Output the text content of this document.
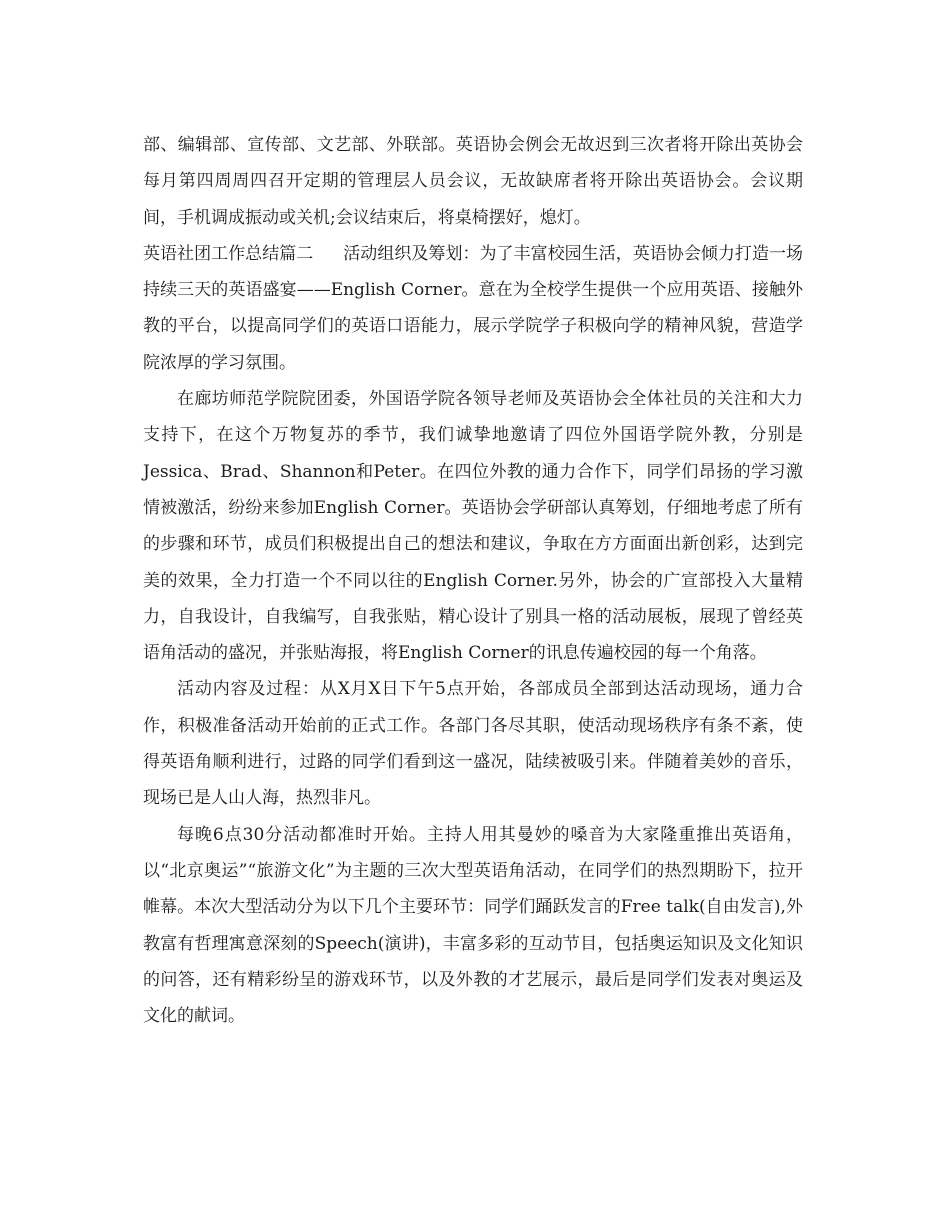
部、编辑部、宣传部、文艺部、外联部。英语协会例会无故迟到三次者将开除出英协会每月第四周周四召开定期的管理层人员会议，无故缺席者将开除出英语协会。会议期间，手机调成振动或关机;会议结束后，将桌椅摆好，熄灯。

英语社团工作总结篇二 活动组织及筹划：为了丰富校园生活，英语协会倾力打造一场持续三天的英语盛宴——English Corner。意在为全校学生提供一个应用英语、接触外教的平台，以提高同学们的英语口语能力，展示学院学子积极向学的精神风貌，营造学院浓厚的学习氛围。

在廊坊师范学院院团委，外国语学院各领导老师及英语协会全体社员的关注和大力支持下，在这个万物复苏的季节，我们诚挚地邀请了四位外国语学院外教，分别是Jessica、Brad、Shannon和Peter。在四位外教的通力合作下，同学们昂扬的学习激情被激活，纷纷来参加English Corner。英语协会学研部认真筹划，仔细地考虑了所有的步骤和环节，成员们积极提出自己的想法和建议，争取在方方面面出新创彩，达到完美的效果，全力打造一个不同以往的English Corner.另外，协会的广宣部投入大量精力，自我设计，自我编写，自我张贴，精心设计了别具一格的活动展板，展现了曾经英语角活动的盛况，并张贴海报，将English Corner的讯息传遍校园的每一个角落。

活动内容及过程：从X月X日下午5点开始，各部成员全部到达活动现场，通力合作，积极准备活动开始前的正式工作。各部门各尽其职，使活动现场秩序有条不紊，使得英语角顺利进行，过路的同学们看到这一盛况，陆续被吸引来。伴随着美妙的音乐，现场已是人山人海，热烈非凡。

每晚6点30分活动都准时开始。主持人用其曼妙的嗓音为大家隆重推出英语角，以“北京奥运”“旅游文化”为主题的三次大型英语角活动，在同学们的热烈期盼下，拉开帷幕。本次大型活动分为以下几个主要环节：同学们踊跃发言的Free talk(自由发言),外教富有哲理寓意深刻的Speech(演讲)，丰富多彩的互动节目，包括奥运知识及文化知识的问答，还有精彩纷呈的游戏环节，以及外教的才艺展示，最后是同学们发表对奥运及文化的献词。
